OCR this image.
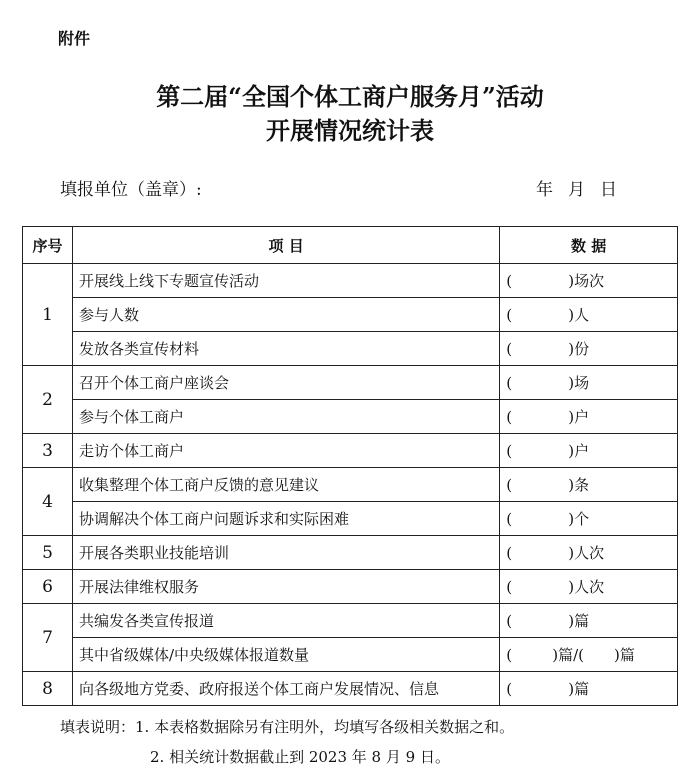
附件
第二届“全国个体工商户服务月”活动
开展情况统计表
填报单位（盖章）:	年 月 日
序号	项 目	数 据
1	开展线上线下专题宣传活动	( )场次
	参与人数	( )人
	发放各类宣传材料	( )份
2	召开个体工商户座谈会	( )场
	参与个体工商户	( )户
3	走访个体工商户	( )户
4	收集整理个体工商户反馈的意见建议	( )条
	协调解决个体工商户问题诉求和实际困难	( )个
5	开展各类职业技能培训	( )人次
6	开展法律维权服务	( )人次
7	共编发各类宣传报道	( )篇
	其中省级媒体/中央级媒体报道数量	( )篇/( )篇
8	向各级地方党委、政府报送个体工商户发展情况、信息	( )篇
填表说明：1. 本表格数据除另有注明外，均填写各级相关数据之和。
2. 相关统计数据截止到 2023 年 8 月 9 日。
